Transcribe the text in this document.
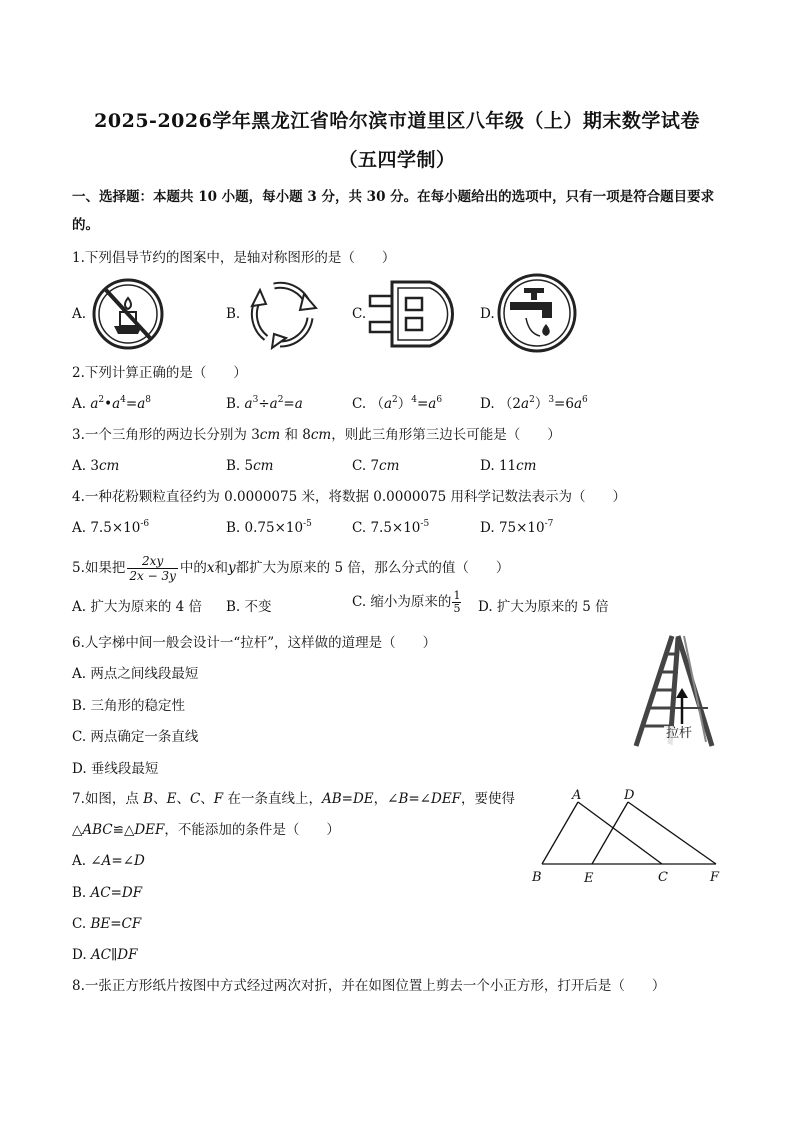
2025-2026学年黑龙江省哈尔滨市道里区八年级（上）期末数学试卷
（五四学制）
一、选择题：本题共 10 小题，每小题 3 分，共 30 分。在每小题给出的选项中，只有一项是符合题目要求
的。
1.下列倡导节约的图案中，是轴对称图形的是（　　）
A.	B.	C.	D.
2.下列计算正确的是（　　）
A. $a^2•a^4=a^8$	B. $a^3\div a^2=a$	C. $(a^2)^4=a^6$	D. $(2a^2)^3=6a^6$
3.一个三角形的两边长分别为 3cm 和 8cm，则此三角形第三边长可能是（　　）
A. 3cm	B. 5cm	C. 7cm	D. 11cm
4.一种花粉颗粒直径约为 0.0000075 米，将数据 0.0000075 用科学记数法表示为（　　）
A. $7.5\times 10^{-6}$	B. $0.75\times 10^{-5}$	C. $7.5\times 10^{-5}$	D. $75\times 10^{-7}$
5.如果把 $\frac{2xy}{2x - 3y}$ 中的x和y都扩大为原来的 5 倍，那么分式的值（　　）
A. 扩大为原来的 4 倍 B. 不变	C. 缩小为原来的 $\frac{1}{5} D$. 扩大为原来的 5 倍
6.人字梯中间一般会设计一“拉杆”，这样做的道理是（　　）
A. 两点之间线段最短
B. 三角形的稳定性
C. 两点确定一条直线
D. 垂线段最短
拉杆
7.如图，点 B、E、C、F 在一条直线上，AB=DE，∠B=∠DEF，要使得
△ABC≌△DEF，不能添加的条件是（　　）
A. ∠A=∠D
B. AC=DF
C. BE=CF
D. AC∥DF
A	D
B	E	C	F
8.一张正方形纸片按图中方式经过两次对折，并在如图位置上剪去一个小正方形，打开后是（　　）
